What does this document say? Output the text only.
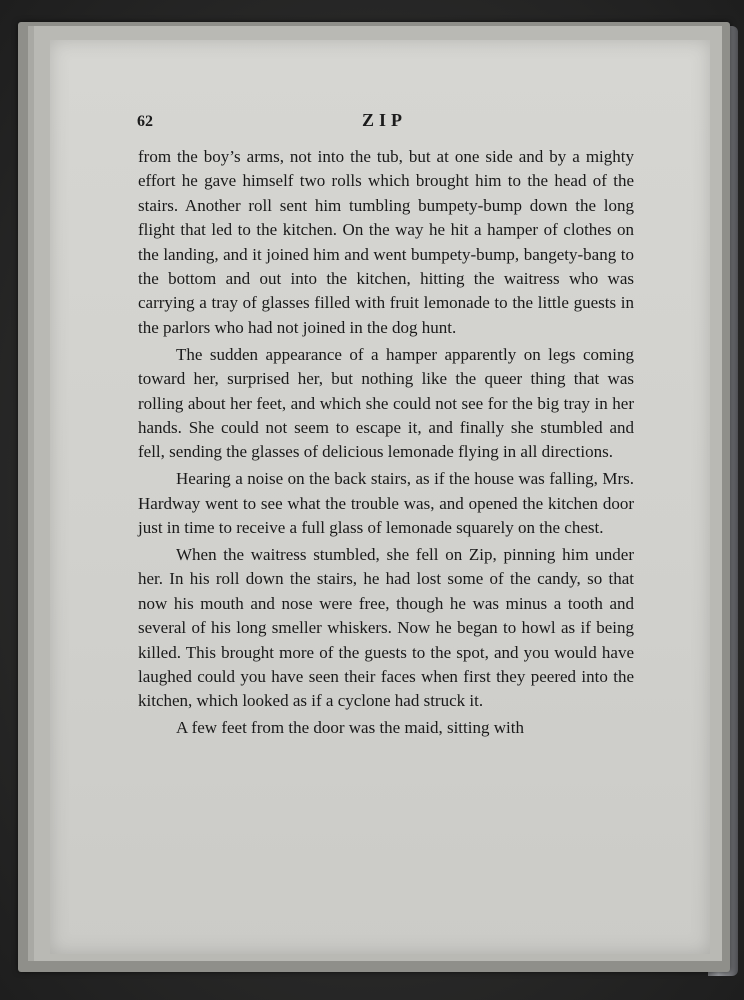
62	ZIP

from the boy’s arms, not into the tub, but at one side and by a mighty effort he gave himself two rolls which brought him to the head of the stairs. Another roll sent him tumbling bumpety-bump down the long flight that led to the kitchen. On the way he hit a hamper of clothes on the landing, and it joined him and went bumpety-bump, bangety-bang to the bottom and out into the kitchen, hitting the waitress who was carrying a tray of glasses filled with fruit lemonade to the little guests in the parlors who had not joined in the dog hunt.

The sudden appearance of a hamper apparently on legs coming toward her, surprised her, but nothing like the queer thing that was rolling about her feet, and which she could not see for the big tray in her hands. She could not seem to escape it, and finally she stumbled and fell, sending the glasses of delicious lemonade flying in all directions.

Hearing a noise on the back stairs, as if the house was falling, Mrs. Hardway went to see what the trouble was, and opened the kitchen door just in time to receive a full glass of lemonade squarely on the chest.

When the waitress stumbled, she fell on Zip, pinning him under her. In his roll down the stairs, he had lost some of the candy, so that now his mouth and nose were free, though he was minus a tooth and several of his long smeller whiskers. Now he began to howl as if being killed. This brought more of the guests to the spot, and you would have laughed could you have seen their faces when first they peered into the kitchen, which looked as if a cyclone had struck it.

A few feet from the door was the maid, sitting with
